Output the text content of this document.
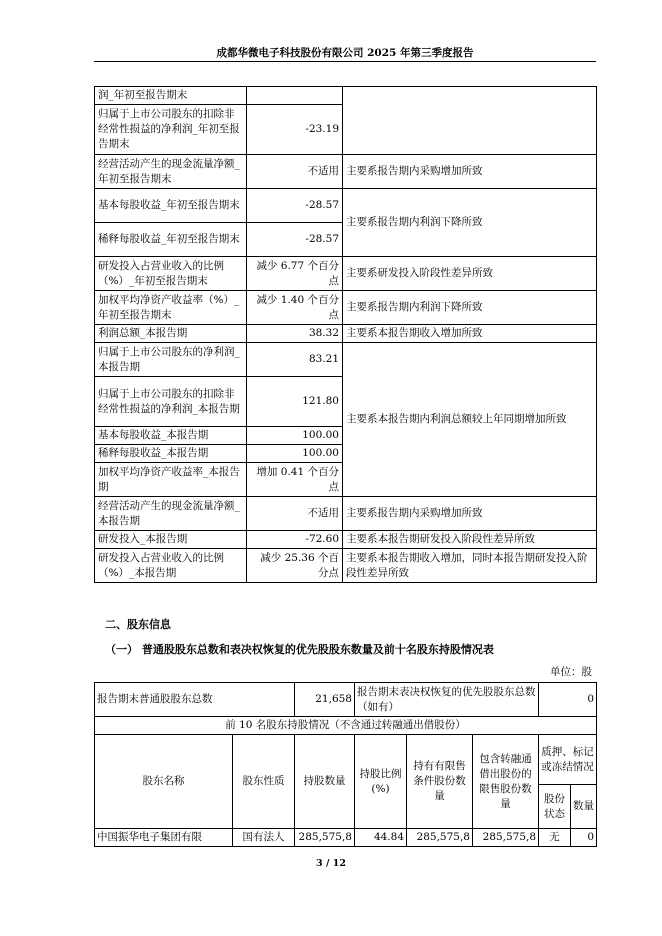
成都华微电子科技股份有限公司 2025 年第三季度报告
润_年初至报告期末		
归属于上市公司股东的扣除非经常性损益的净利润_年初至报告期末	-23.19	
经营活动产生的现金流量净额_年初至报告期末	不适用	主要系报告期内采购增加所致
基本每股收益_年初至报告期末	-28.57	主要系报告期内利润下降所致
稀释每股收益_年初至报告期末	-28.57	
研发投入占营业收入的比例（%）_年初至报告期末	减少 6.77 个百分点	主要系研发投入阶段性差异所致
加权平均净资产收益率（%）_年初至报告期末	减少 1.40 个百分点	主要系报告期内利润下降所致
利润总额_本报告期	38.32	主要系本报告期收入增加所致
归属于上市公司股东的净利润_本报告期	83.21	主要系本报告期内利润总额较上年同期增加所致
归属于上市公司股东的扣除非经常性损益的净利润_本报告期	121.80	
基本每股收益_本报告期	100.00	
稀释每股收益_本报告期	100.00	
加权平均净资产收益率_本报告期	增加 0.41 个百分点	
经营活动产生的现金流量净额_本报告期	不适用	主要系报告期内采购增加所致
研发投入_本报告期	-72.60	主要系本报告期研发投入阶段性差异所致
研发投入占营业收入的比例（%）_本报告期	减少 25.36 个百分点	主要系本报告期收入增加，同时本报告期研发投入阶段性差异所致
二、股东信息
（一） 普通股股东总数和表决权恢复的优先股股东数量及前十名股东持股情况表
单位：股
报告期末普通股股东总数		21,658	报告期末表决权恢复的优先股股东总数（如有）			0	
前 10 名股东持股情况（不含通过转融通出借股份）							
股东名称	股东性质	持股数量	持股比例(%)	持有有限售条件股份数量	包含转融通借出股份的限售股份数量	质押、标记或冻结情况	
						股份状态	数量
中国振华电子集团有限	国有法人	285,575,8	44.84	285,575,8	285,575,8	无	0
3 / 12
